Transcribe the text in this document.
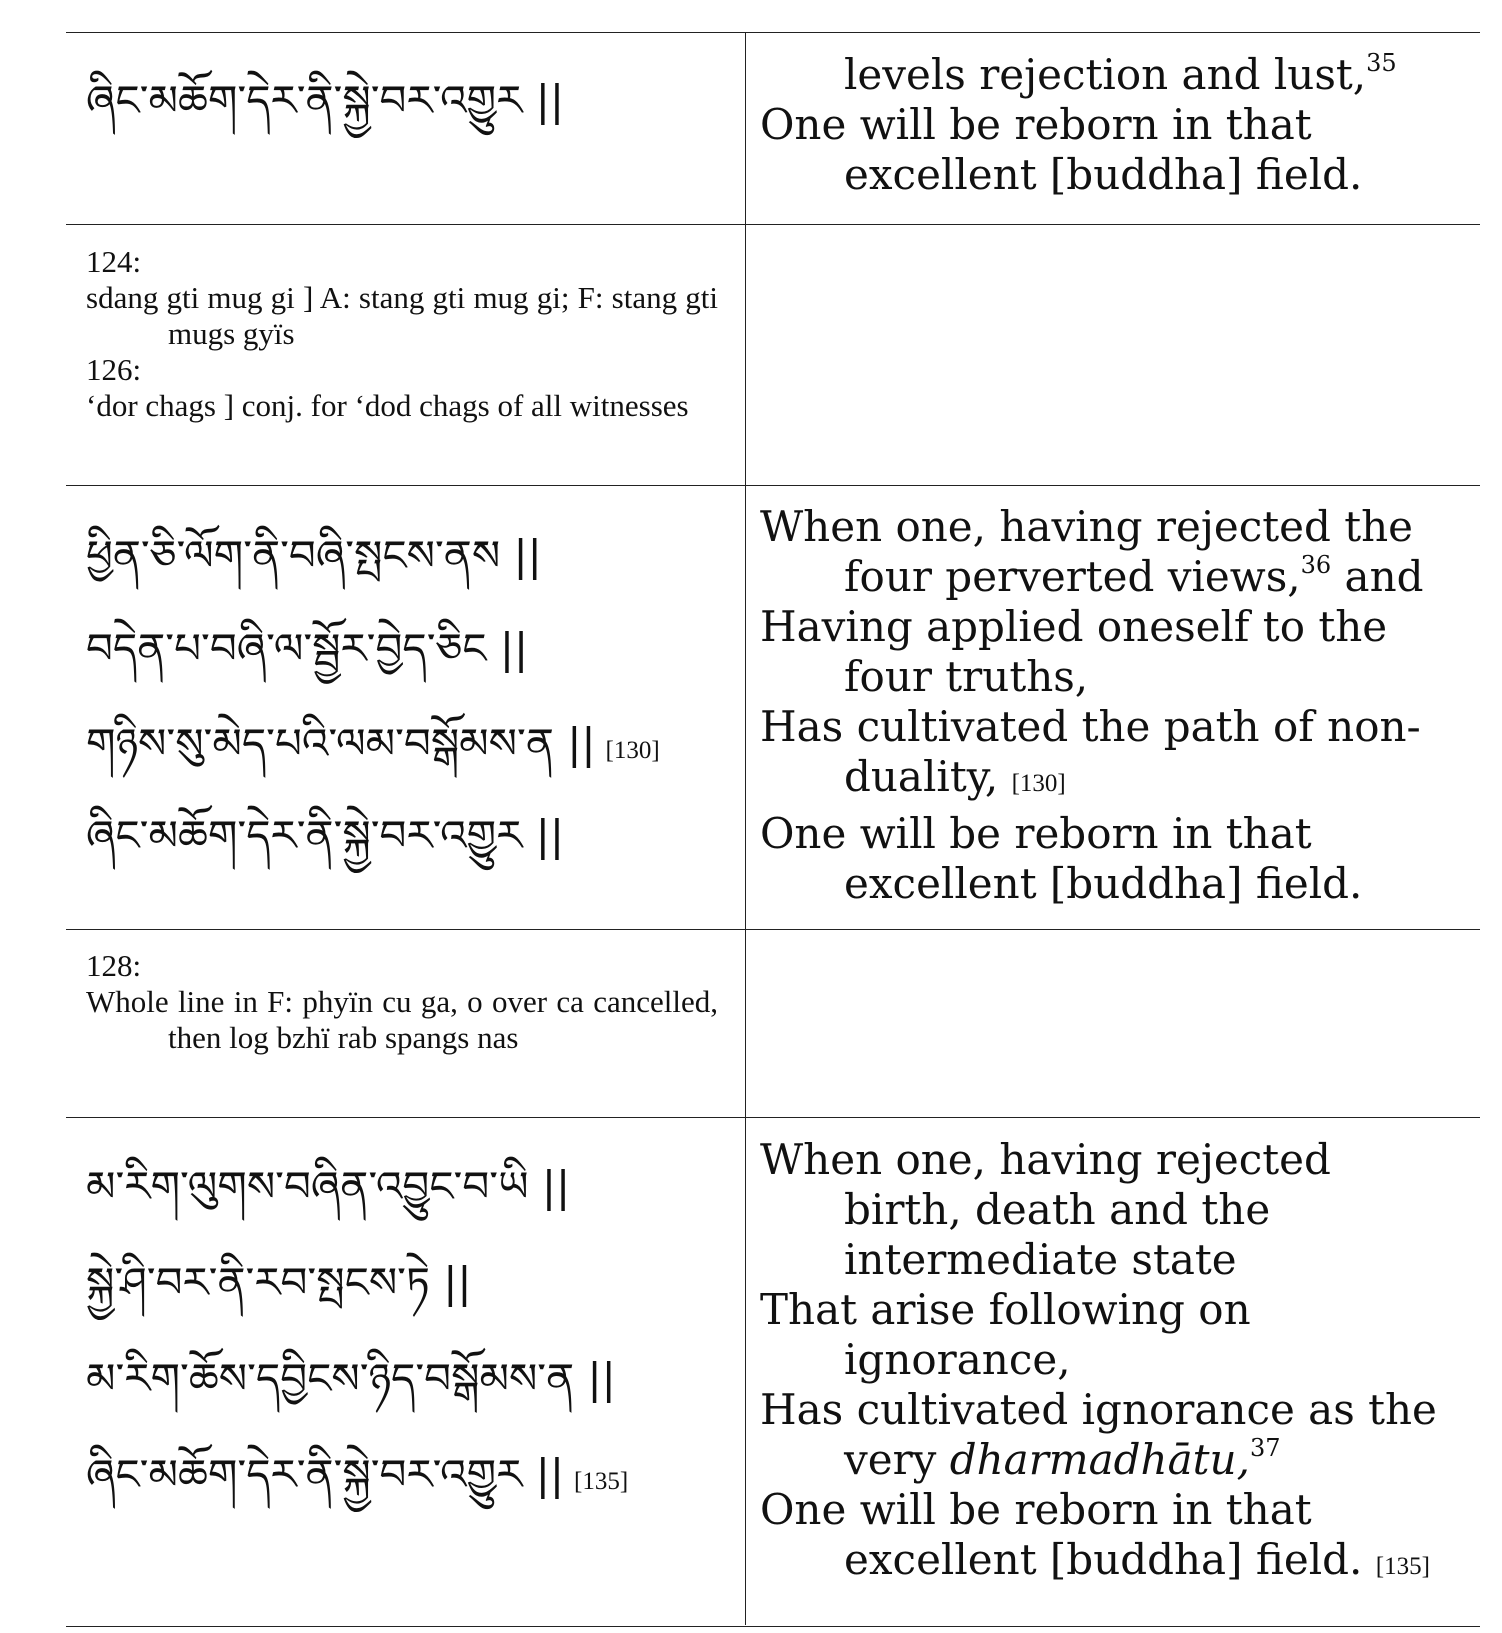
ཞིང་མཆོག་དེར་ནི་སྐྱེ་བར་འགྱུར ||
levels rejection and lust,$^{35}$
One will be reborn in that excellent [buddha] field.
124:
sdang gti mug gi ] A: stang gti mug gi; F: stang gti mugs gyïs
126:
‘dor chags ] conj. for ‘dod chags of all witnesses
ཕྱིན་ཅི་ལོག་ནི་བཞི་སྤངས་ནས ||
བདེན་པ་བཞི་ལ་སྦྱོར་བྱེད་ཅིང ||
གཉིས་སུ་མེད་པའི་ལམ་བསྒོམས་ན || [130]
ཞིང་མཆོག་དེར་ནི་སྐྱེ་བར་འགྱུར ||
When one, having rejected the four perverted views,$^{36}$ and
Having applied oneself to the four truths,
Has cultivated the path of non-duality, [130]
One will be reborn in that excellent [buddha] field.
128:
Whole line in F: phyïn cu ga, o over ca cancelled, then log bzhï rab spangs nas
མ་རིག་ལུགས་བཞིན་འབྱུང་བ་ཡི ||
སྐྱེ་ཤི་བར་ནི་རབ་སྤངས་ཏེ ||
མ་རིག་ཆོས་དབྱིངས་ཉིད་བསྒོམས་ན ||
ཞིང་མཆོག་དེར་ནི་སྐྱེ་བར་འགྱུར || [135]
When one, having rejected birth, death and the intermediate state
That arise following on ignorance,
Has cultivated ignorance as the very dharmadhātu,$^{37}$
One will be reborn in that excellent [buddha] field. [135]
